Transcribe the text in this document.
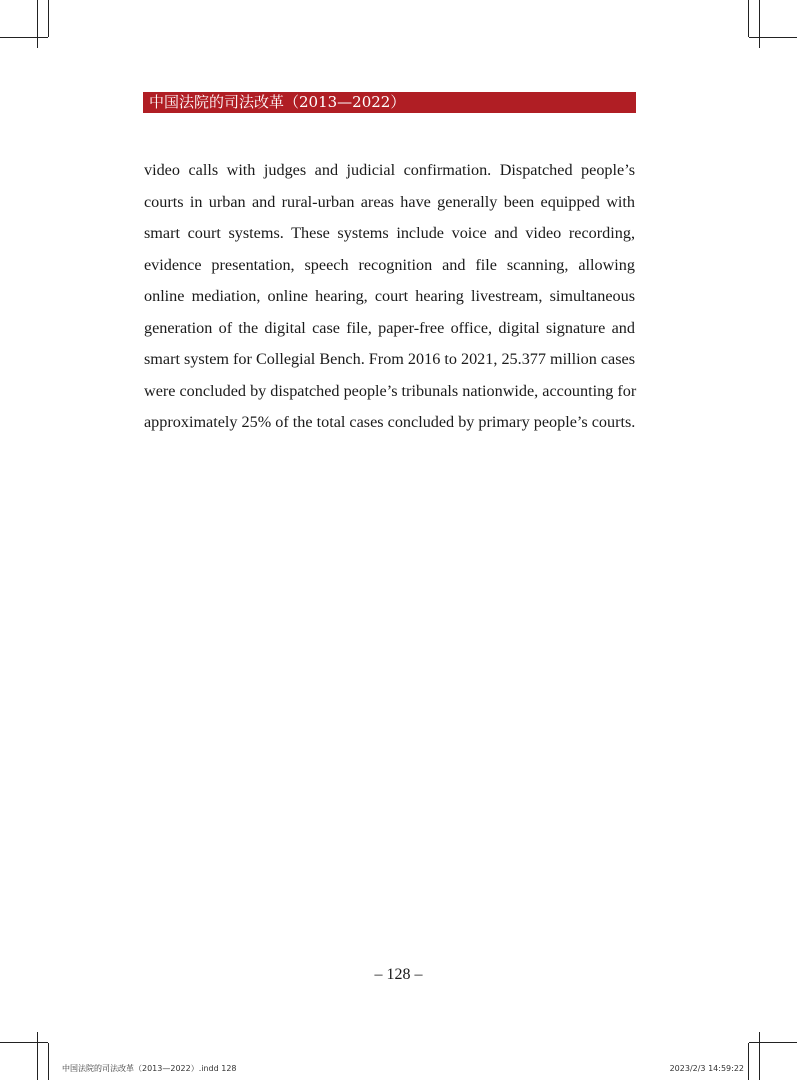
中国法院的司法改革（2013—2022）
video calls with judges and judicial confirmation. Dispatched people’s
courts in urban and rural-urban areas have generally been equipped with
smart court systems. These systems include voice and video recording,
evidence presentation, speech recognition and file scanning, allowing
online mediation, online hearing, court hearing livestream, simultaneous
generation of the digital case file, paper-free office, digital signature and
smart system for Collegial Bench. From 2016 to 2021, 25.377 million cases
were concluded by dispatched people’s tribunals nationwide, accounting for
approximately 25% of the total cases concluded by primary people’s courts.
– 128 –
中国法院的司法改革（2013—2022）.indd 128	2023/2/3 14:59:22
